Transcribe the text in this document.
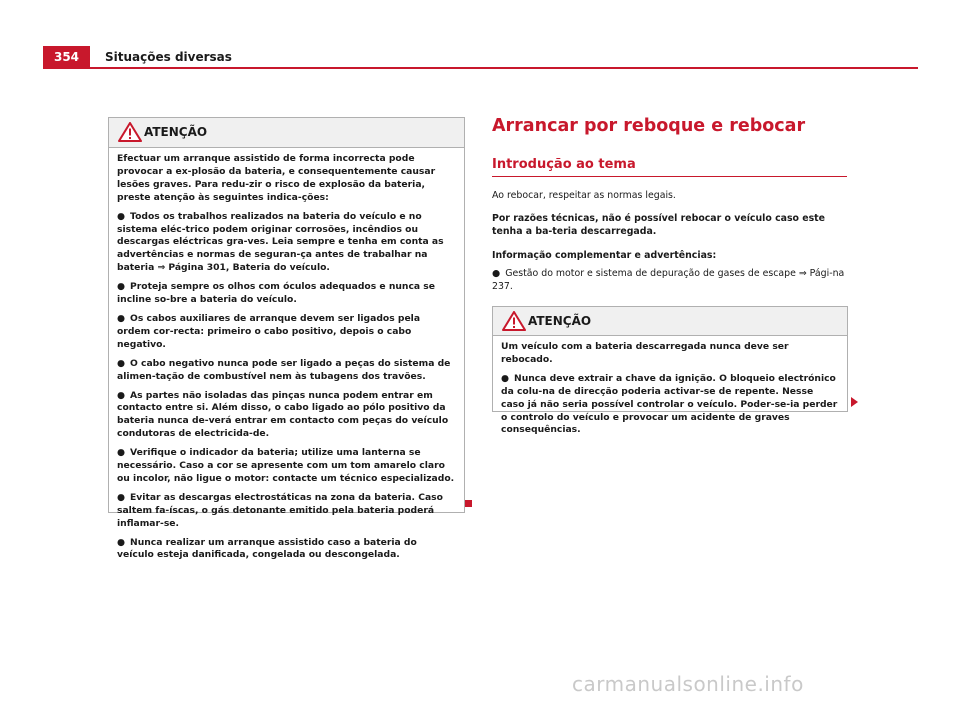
354	Situações diversas
ATENÇÃO

Efectuar um arranque assistido de forma incorrecta pode provocar a ex-plosão da bateria, e consequentemente causar lesões graves. Para redu-zir o risco de explosão da bateria, preste atenção às seguintes indica-ções:

● Todos os trabalhos realizados na bateria do veículo e no sistema eléc-trico podem originar corrosões, incêndios ou descargas eléctricas gra-ves. Leia sempre e tenha em conta as advertências e normas de seguran-ça antes de trabalhar na bateria ⇒ Página 301, Bateria do veículo.

● Proteja sempre os olhos com óculos adequados e nunca se incline so-bre a bateria do veículo.

● Os cabos auxiliares de arranque devem ser ligados pela ordem cor-recta: primeiro o cabo positivo, depois o cabo negativo.

● O cabo negativo nunca pode ser ligado a peças do sistema de alimen-tação de combustível nem às tubagens dos travões.

● As partes não isoladas das pinças nunca podem entrar em contacto entre si. Além disso, o cabo ligado ao pólo positivo da bateria nunca de-verá entrar em contacto com peças do veículo condutoras de electricida-de.

● Verifique o indicador da bateria; utilize uma lanterna se necessário. Caso a cor se apresente com um tom amarelo claro ou incolor, não ligue o motor: contacte um técnico especializado.

● Evitar as descargas electrostáticas na zona da bateria. Caso saltem fa-íscas, o gás detonante emitido pela bateria poderá inflamar-se.

● Nunca realizar um arranque assistido caso a bateria do veículo esteja danificada, congelada ou descongelada.

Arrancar por reboque e rebocar
Introdução ao tema

Ao rebocar, respeitar as normas legais.

Por razões técnicas, não é possível rebocar o veículo caso este tenha a ba-teria descarregada.

Informação complementar e advertências:

● Gestão do motor e sistema de depuração de gases de escape ⇒ Pági-na 237.

ATENÇÃO

Um veículo com a bateria descarregada nunca deve ser rebocado.

● Nunca deve extrair a chave da ignição. O bloqueio electrónico da colu-na de direcção poderia activar-se de repente. Nesse caso já não seria possível controlar o veículo. Poder-se-ia perder o controlo do veículo e provocar um acidente de graves consequências.

carmanualsonline.info
